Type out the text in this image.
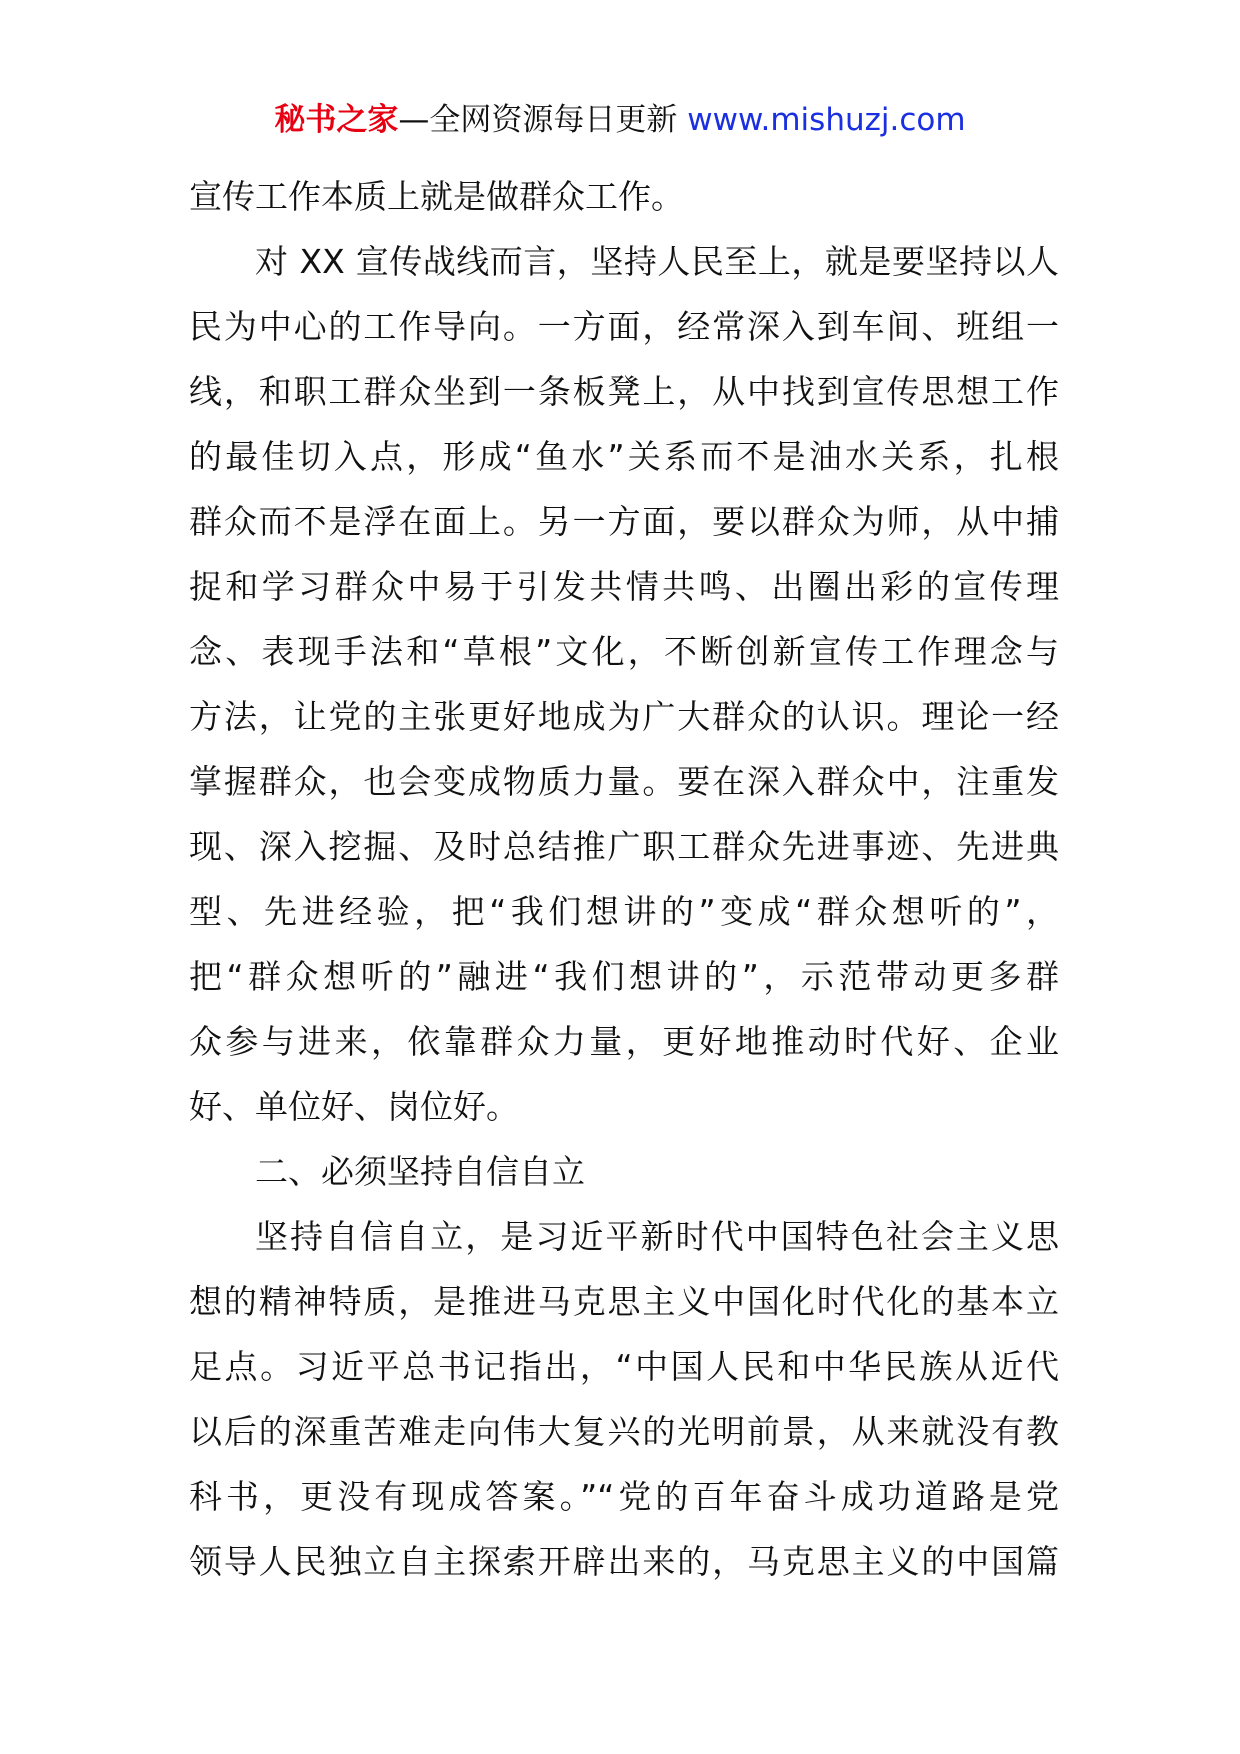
秘书之家—全网资源每日更新 www.mishuzj.com
宣传工作本质上就是做群众工作。
对 XX 宣传战线而言，坚持人民至上，就是要坚持以人
民为中心的工作导向。一方面，经常深入到车间、班组一
线，和职工群众坐到一条板凳上，从中找到宣传思想工作
的最佳切入点，形成“鱼水”关系而不是油水关系，扎根
群众而不是浮在面上。另一方面，要以群众为师，从中捕
捉和学习群众中易于引发共情共鸣、出圈出彩的宣传理
念、表现手法和“草根”文化，不断创新宣传工作理念与
方法，让党的主张更好地成为广大群众的认识。理论一经
掌握群众，也会变成物质力量。要在深入群众中，注重发
现、深入挖掘、及时总结推广职工群众先进事迹、先进典
型、先进经验，把“我们想讲的”变成“群众想听的”，
把“群众想听的”融进“我们想讲的”，示范带动更多群
众参与进来，依靠群众力量，更好地推动时代好、企业
好、单位好、岗位好。
二、必须坚持自信自立
坚持自信自立，是习近平新时代中国特色社会主义思
想的精神特质，是推进马克思主义中国化时代化的基本立
足点。习近平总书记指出，“中国人民和中华民族从近代
以后的深重苦难走向伟大复兴的光明前景，从来就没有教
科书，更没有现成答案。”“党的百年奋斗成功道路是党
领导人民独立自主探索开辟出来的，马克思主义的中国篇
